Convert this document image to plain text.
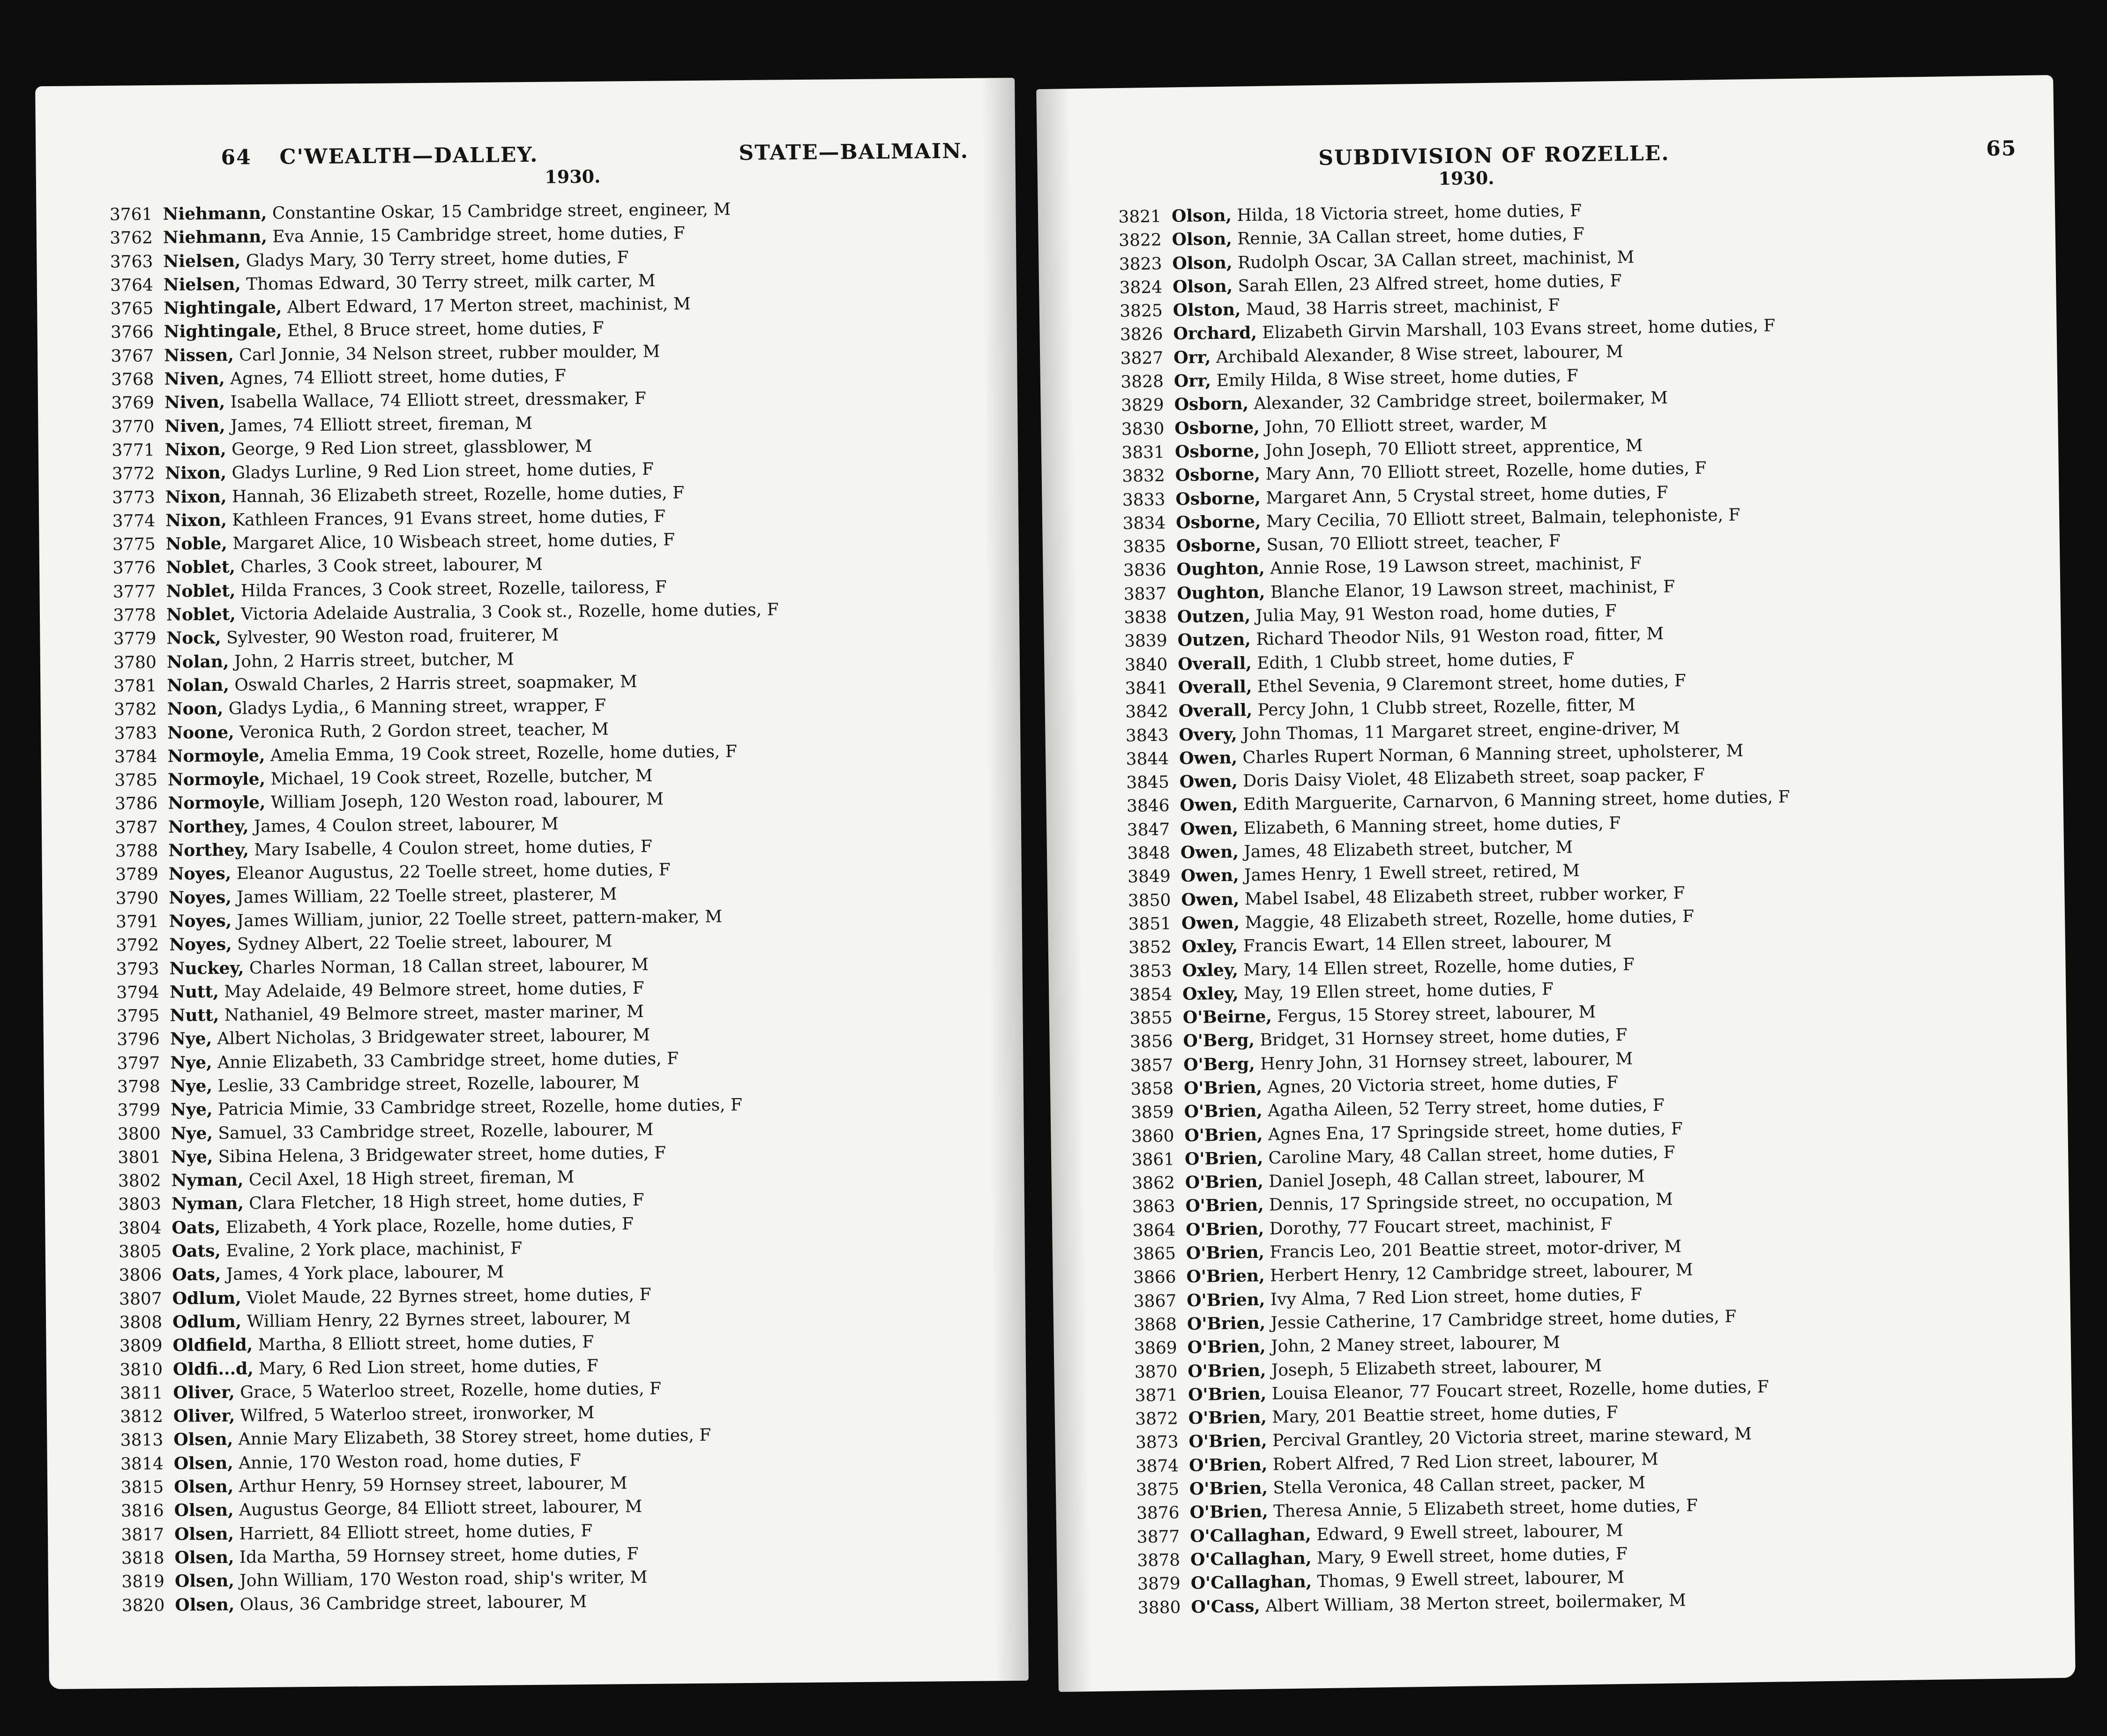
64 C'WEALTH—DALLEY.	STATE—BALMAIN.
1930.
3761 Niehmann, Constantine Oskar, 15 Cambridge street, engineer, M
3762 Niehmann, Eva Annie, 15 Cambridge street, home duties, F
3763 Nielsen, Gladys Mary, 30 Terry street, home duties, F
3764 Nielsen, Thomas Edward, 30 Terry street, milk carter, M
3765 Nightingale, Albert Edward, 17 Merton street, machinist, M
3766 Nightingale, Ethel, 8 Bruce street, home duties, F
3767 Nissen, Carl Jonnie, 34 Nelson street, rubber moulder, M
3768 Niven, Agnes, 74 Elliott street, home duties, F
3769 Niven, Isabella Wallace, 74 Elliott street, dressmaker, F
3770 Niven, James, 74 Elliott street, fireman, M
3771 Nixon, George, 9 Red Lion street, glassblower, M
3772 Nixon, Gladys Lurline, 9 Red Lion street, home duties, F
3773 Nixon, Hannah, 36 Elizabeth street, Rozelle, home duties, F
3774 Nixon, Kathleen Frances, 91 Evans street, home duties, F
3775 Noble, Margaret Alice, 10 Wisbeach street, home duties, F
3776 Noblet, Charles, 3 Cook street, labourer, M
3777 Noblet, Hilda Frances, 3 Cook street, Rozelle, tailoress, F
3778 Noblet, Victoria Adelaide Australia, 3 Cook st., Rozelle, home duties, F
3779 Nock, Sylvester, 90 Weston road, fruiterer, M
3780 Nolan, John, 2 Harris street, butcher, M
3781 Nolan, Oswald Charles, 2 Harris street, soapmaker, M
3782 Noon, Gladys Lydia,, 6 Manning street, wrapper, F
3783 Noone, Veronica Ruth, 2 Gordon street, teacher, M
3784 Normoyle, Amelia Emma, 19 Cook street, Rozelle, home duties, F
3785 Normoyle, Michael, 19 Cook street, Rozelle, butcher, M
3786 Normoyle, William Joseph, 120 Weston road, labourer, M
3787 Northey, James, 4 Coulon street, labourer, M
3788 Northey, Mary Isabelle, 4 Coulon street, home duties, F
3789 Noyes, Eleanor Augustus, 22 Toelle street, home duties, F
3790 Noyes, James William, 22 Toelle street, plasterer, M
3791 Noyes, James William, junior, 22 Toelle street, pattern-maker, M
3792 Noyes, Sydney Albert, 22 Toelie street, labourer, M
3793 Nuckey, Charles Norman, 18 Callan street, labourer, M
3794 Nutt, May Adelaide, 49 Belmore street, home duties, F
3795 Nutt, Nathaniel, 49 Belmore street, master mariner, M
3796 Nye, Albert Nicholas, 3 Bridgewater street, labourer, M
3797 Nye, Annie Elizabeth, 33 Cambridge street, home duties, F
3798 Nye, Leslie, 33 Cambridge street, Rozelle, labourer, M
3799 Nye, Patricia Mimie, 33 Cambridge street, Rozelle, home duties, F
3800 Nye, Samuel, 33 Cambridge street, Rozelle, labourer, M
3801 Nye, Sibina Helena, 3 Bridgewater street, home duties, F
3802 Nyman, Cecil Axel, 18 High street, fireman, M
3803 Nyman, Clara Fletcher, 18 High street, home duties, F
3804 Oats, Elizabeth, 4 York place, Rozelle, home duties, F
3805 Oats, Evaline, 2 York place, machinist, F
3806 Oats, James, 4 York place, labourer, M
3807 Odlum, Violet Maude, 22 Byrnes street, home duties, F
3808 Odlum, William Henry, 22 Byrnes street, labourer, M
3809 Oldfield, Martha, 8 Elliott street, home duties, F
3810 Oldfi...d, Mary, 6 Red Lion street, home duties, F
3811 Oliver, Grace, 5 Waterloo street, Rozelle, home duties, F
3812 Oliver, Wilfred, 5 Waterloo street, ironworker, M
3813 Olsen, Annie Mary Elizabeth, 38 Storey street, home duties, F
3814 Olsen, Annie, 170 Weston road, home duties, F
3815 Olsen, Arthur Henry, 59 Hornsey street, labourer, M
3816 Olsen, Augustus George, 84 Elliott street, labourer, M
3817 Olsen, Harriett, 84 Elliott street, home duties, F
3818 Olsen, Ida Martha, 59 Hornsey street, home duties, F
3819 Olsen, John William, 170 Weston road, ship's writer, M
3820 Olsen, Olaus, 36 Cambridge street, labourer, M
SUBDIVISION OF ROZELLE.	65
1930.
3821 Olson, Hilda, 18 Victoria street, home duties, F
3822 Olson, Rennie, 3A Callan street, home duties, F
3823 Olson, Rudolph Oscar, 3A Callan street, machinist, M
3824 Olson, Sarah Ellen, 23 Alfred street, home duties, F
3825 Olston, Maud, 38 Harris street, machinist, F
3826 Orchard, Elizabeth Girvin Marshall, 103 Evans street, home duties, F
3827 Orr, Archibald Alexander, 8 Wise street, labourer, M
3828 Orr, Emily Hilda, 8 Wise street, home duties, F
3829 Osborn, Alexander, 32 Cambridge street, boilermaker, M
3830 Osborne, John, 70 Elliott street, warder, M
3831 Osborne, John Joseph, 70 Elliott street, apprentice, M
3832 Osborne, Mary Ann, 70 Elliott street, Rozelle, home duties, F
3833 Osborne, Margaret Ann, 5 Crystal street, home duties, F
3834 Osborne, Mary Cecilia, 70 Elliott street, Balmain, telephoniste, F
3835 Osborne, Susan, 70 Elliott street, teacher, F
3836 Oughton, Annie Rose, 19 Lawson street, machinist, F
3837 Oughton, Blanche Elanor, 19 Lawson street, machinist, F
3838 Outzen, Julia May, 91 Weston road, home duties, F
3839 Outzen, Richard Theodor Nils, 91 Weston road, fitter, M
3840 Overall, Edith, 1 Clubb street, home duties, F
3841 Overall, Ethel Sevenia, 9 Claremont street, home duties, F
3842 Overall, Percy John, 1 Clubb street, Rozelle, fitter, M
3843 Overy, John Thomas, 11 Margaret street, engine-driver, M
3844 Owen, Charles Rupert Norman, 6 Manning street, upholsterer, M
3845 Owen, Doris Daisy Violet, 48 Elizabeth street, soap packer, F
3846 Owen, Edith Marguerite, Carnarvon, 6 Manning street, home duties, F
3847 Owen, Elizabeth, 6 Manning street, home duties, F
3848 Owen, James, 48 Elizabeth street, butcher, M
3849 Owen, James Henry, 1 Ewell street, retired, M
3850 Owen, Mabel Isabel, 48 Elizabeth street, rubber worker, F
3851 Owen, Maggie, 48 Elizabeth street, Rozelle, home duties, F
3852 Oxley, Francis Ewart, 14 Ellen street, labourer, M
3853 Oxley, Mary, 14 Ellen street, Rozelle, home duties, F
3854 Oxley, May, 19 Ellen street, home duties, F
3855 O'Beirne, Fergus, 15 Storey street, labourer, M
3856 O'Berg, Bridget, 31 Hornsey street, home duties, F
3857 O'Berg, Henry John, 31 Hornsey street, labourer, M
3858 O'Brien, Agnes, 20 Victoria street, home duties, F
3859 O'Brien, Agatha Aileen, 52 Terry street, home duties, F
3860 O'Brien, Agnes Ena, 17 Springside street, home duties, F
3861 O'Brien, Caroline Mary, 48 Callan street, home duties, F
3862 O'Brien, Daniel Joseph, 48 Callan street, labourer, M
3863 O'Brien, Dennis, 17 Springside street, no occupation, M
3864 O'Brien, Dorothy, 77 Foucart street, machinist, F
3865 O'Brien, Francis Leo, 201 Beattie street, motor-driver, M
3866 O'Brien, Herbert Henry, 12 Cambridge street, labourer, M
3867 O'Brien, Ivy Alma, 7 Red Lion street, home duties, F
3868 O'Brien, Jessie Catherine, 17 Cambridge street, home duties, F
3869 O'Brien, John, 2 Maney street, labourer, M
3870 O'Brien, Joseph, 5 Elizabeth street, labourer, M
3871 O'Brien, Louisa Eleanor, 77 Foucart street, Rozelle, home duties, F
3872 O'Brien, Mary, 201 Beattie street, home duties, F
3873 O'Brien, Percival Grantley, 20 Victoria street, marine steward, M
3874 O'Brien, Robert Alfred, 7 Red Lion street, labourer, M
3875 O'Brien, Stella Veronica, 48 Callan street, packer, M
3876 O'Brien, Theresa Annie, 5 Elizabeth street, home duties, F
3877 O'Callaghan, Edward, 9 Ewell street, labourer, M
3878 O'Callaghan, Mary, 9 Ewell street, home duties, F
3879 O'Callaghan, Thomas, 9 Ewell street, labourer, M
3880 O'Cass, Albert William, 38 Merton street, boilermaker, M
